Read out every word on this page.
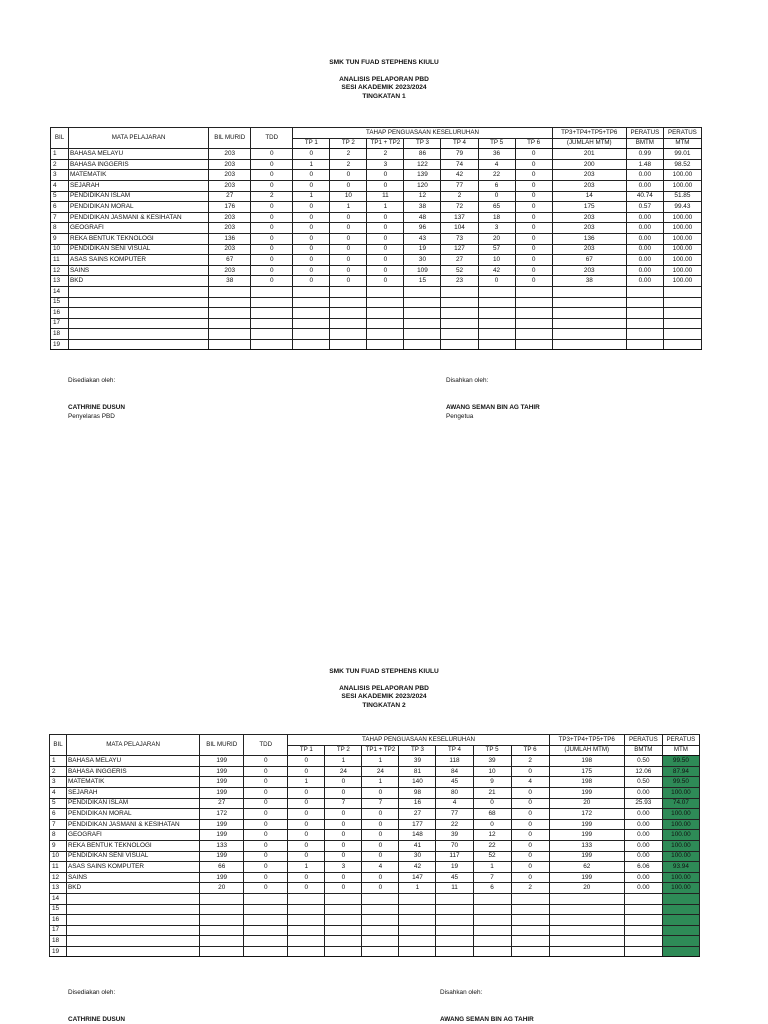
SMK TUN FUAD STEPHENS KIULU
ANALISIS PELAPORAN PBD
SESI AKADEMIK 2023/2024
TINGKATAN 1
BIL	MATA PELAJARAN	BIL MURID	TDD	TAHAP PENGUASAAN KESELURUHAN							TP3+TP4+TP5+TP6	PERATUS	PERATUS
				TP 1	TP 2	TP1 + TP2	TP 3	TP 4	TP 5	TP 6	(JUMLAH MTM)	BMTM	MTM
1	BAHASA MELAYU	203	0	0	2	2	86	79	36	0	201	0.99	99.01
2	BAHASA INGGERIS	203	0	1	2	3	122	74	4	0	200	1.48	98.52
3	MATEMATIK	203	0	0	0	0	139	42	22	0	203	0.00	100.00
4	SEJARAH	203	0	0	0	0	120	77	6	0	203	0.00	100.00
5	PENDIDIKAN ISLAM	27	2	1	10	11	12	2	0	0	14	40.74	51.85
6	PENDIDIKAN MORAL	176	0	0	1	1	38	72	65	0	175	0.57	99.43
7	PENDIDIKAN JASMANI & KESIHATAN	203	0	0	0	0	48	137	18	0	203	0.00	100.00
8	GEOGRAFI	203	0	0	0	0	96	104	3	0	203	0.00	100.00
9	REKA BENTUK TEKNOLOGI	136	0	0	0	0	43	73	20	0	136	0.00	100.00
10	PENDIDIKAN SENI VISUAL	203	0	0	0	0	19	127	57	0	203	0.00	100.00
11	ASAS SAINS KOMPUTER	67	0	0	0	0	30	27	10	0	67	0.00	100.00
12	SAINS	203	0	0	0	0	109	52	42	0	203	0.00	100.00
13	BKD	38	0	0	0	0	15	23	0	0	38	0.00	100.00
14													
15													
16													
17													
18													
19													
Disediakan oleh:
CATHRINE DUSUN
Penyelaras PBD
Disahkan oleh:
AWANG SEMAN BIN AG TAHIR
Pengetua
SMK TUN FUAD STEPHENS KIULU
ANALISIS PELAPORAN PBD
SESI AKADEMIK 2023/2024
TINGKATAN 2
BIL	MATA PELAJARAN	BIL MURID	TDD	TAHAP PENGUASAAN KESELURUHAN							TP3+TP4+TP5+TP6	PERATUS	PERATUS
				TP 1	TP 2	TP1 + TP2	TP 3	TP 4	TP 5	TP 6	(JUMLAH MTM)	BMTM	MTM
1	BAHASA MELAYU	199	0	0	1	1	39	118	39	2	198	0.50	99.50
2	BAHASA INGGERIS	199	0	0	24	24	81	84	10	0	175	12.06	87.94
3	MATEMATIK	199	0	1	0	1	140	45	9	4	198	0.50	99.50
4	SEJARAH	199	0	0	0	0	98	80	21	0	199	0.00	100.00
5	PENDIDIKAN ISLAM	27	0	0	7	7	16	4	0	0	20	25.93	74.07
6	PENDIDIKAN MORAL	172	0	0	0	0	27	77	68	0	172	0.00	100.00
7	PENDIDIKAN JASMANI & KESIHATAN	199	0	0	0	0	177	22	0	0	199	0.00	100.00
8	GEOGRAFI	199	0	0	0	0	148	39	12	0	199	0.00	100.00
9	REKA BENTUK TEKNOLOGI	133	0	0	0	0	41	70	22	0	133	0.00	100.00
10	PENDIDIKAN SENI VISUAL	199	0	0	0	0	30	117	52	0	199	0.00	100.00
11	ASAS SAINS KOMPUTER	66	0	1	3	4	42	19	1	0	62	6.06	93.94
12	SAINS	199	0	0	0	0	147	45	7	0	199	0.00	100.00
13	BKD	20	0	0	0	0	1	11	6	2	20	0.00	100.00
14													
15													
16													
17													
18													
19													
Disediakan oleh:
CATHRINE DUSUN
Disahkan oleh:
AWANG SEMAN BIN AG TAHIR
